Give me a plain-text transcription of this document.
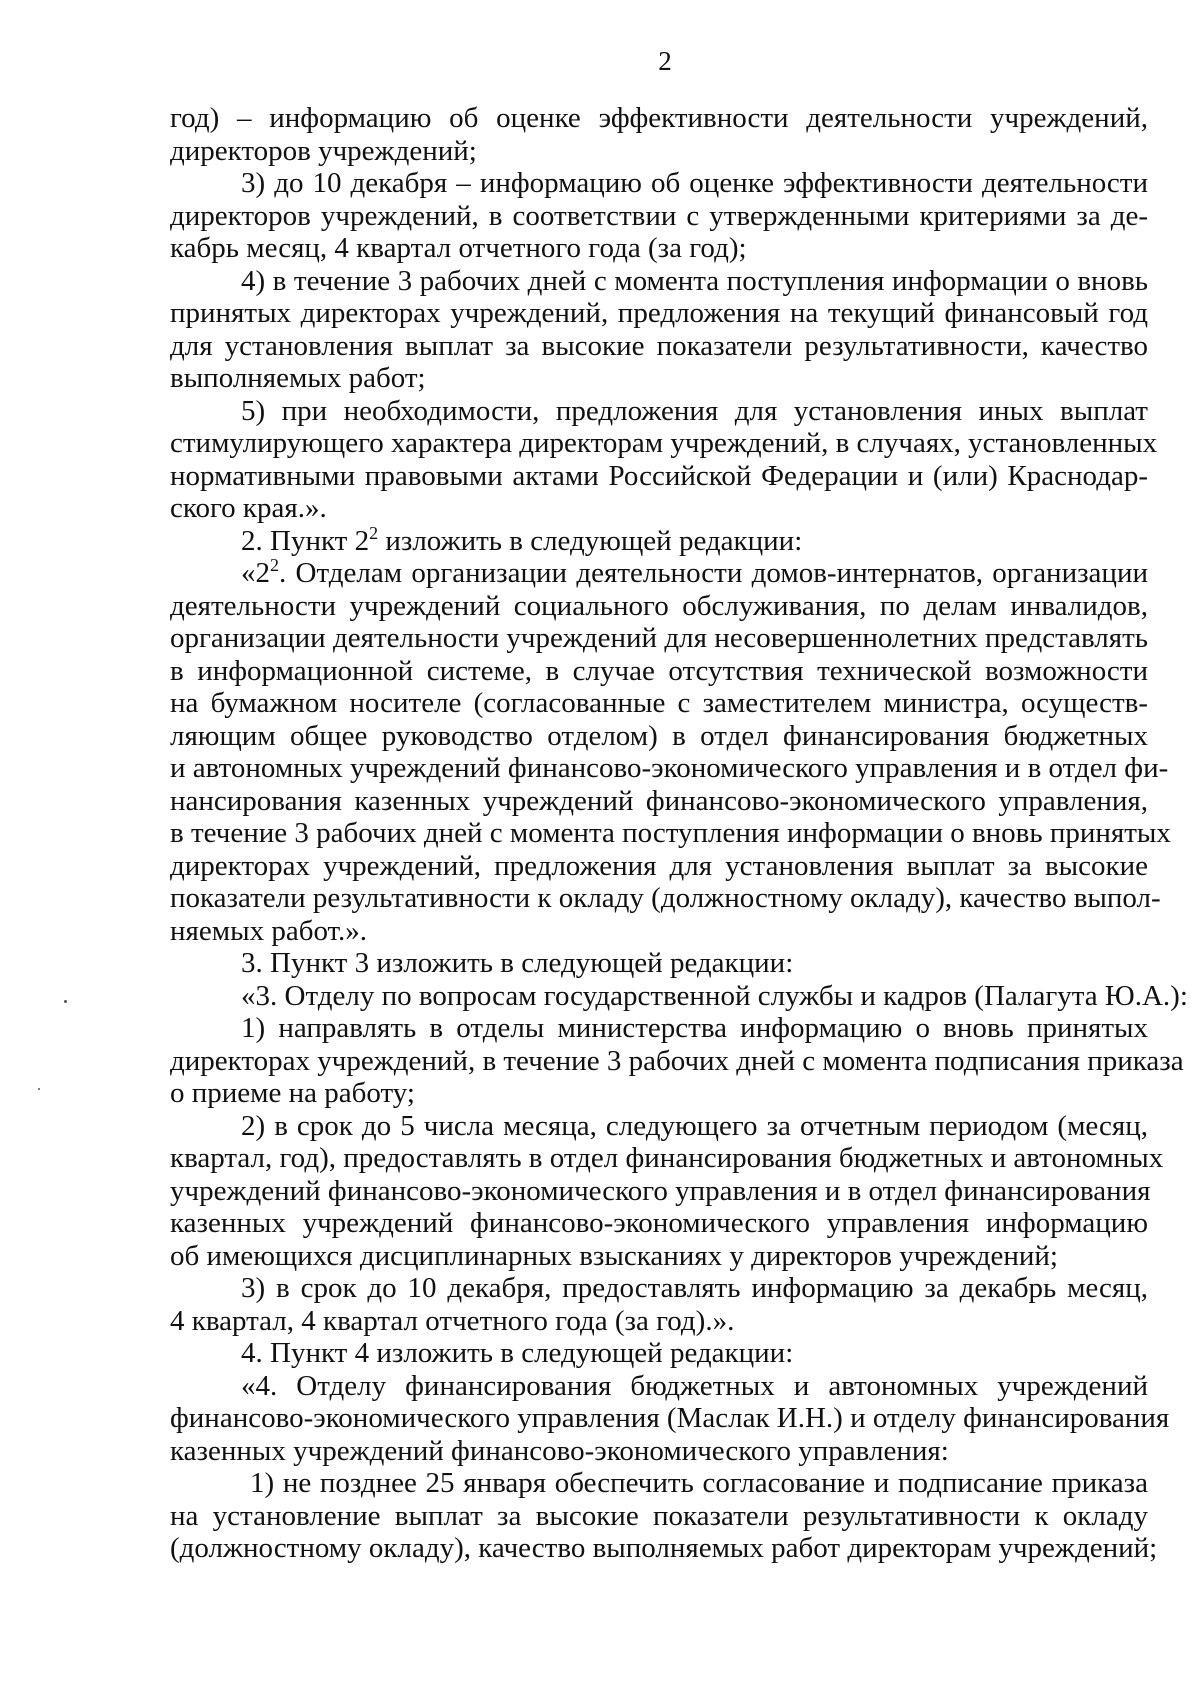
2

год) – информацию об оценке эффективности деятельности учреждений,

директоров учреждений;

3) до 10 декабря – информацию об оценке эффективности деятельности

директоров учреждений, в соответствии с утвержденными критериями за де-

кабрь месяц, 4 квартал отчетного года (за год);

4) в течение 3 рабочих дней с момента поступления информации о вновь

принятых директорах учреждений, предложения на текущий финансовый год

для установления выплат за высокие показатели результативности, качество

выполняемых работ;

5) при необходимости, предложения для установления иных выплат

стимулирующего характера директорам учреждений, в случаях, установленных

нормативными правовыми актами Российской Федерации и (или) Краснодар-

ского края.».

2. Пункт $2^2$ изложить в следующей редакции:

«$2^2$. Отделам организации деятельности домов-интернатов, организации

деятельности учреждений социального обслуживания, по делам инвалидов,

организации деятельности учреждений для несовершеннолетних представлять

в информационной системе, в случае отсутствия технической возможности

на бумажном носителе (согласованные с заместителем министра, осуществ-

ляющим общее руководство отделом) в отдел финансирования бюджетных

и автономных учреждений финансово-экономического управления и в отдел фи-

нансирования казенных учреждений финансово-экономического управления,

в течение 3 рабочих дней с момента поступления информации о вновь принятых

директорах учреждений, предложения для установления выплат за высокие

показатели результативности к окладу (должностному окладу), качество выпол-

няемых работ.».

3. Пункт 3 изложить в следующей редакции:

«3. Отделу по вопросам государственной службы и кадров (Палагута Ю.А.):

1) направлять в отделы министерства информацию о вновь принятых

директорах учреждений, в течение 3 рабочих дней с момента подписания приказа

о приеме на работу;

2) в срок до 5 числа месяца, следующего за отчетным периодом (месяц,

квартал, год), предоставлять в отдел финансирования бюджетных и автономных

учреждений финансово-экономического управления и в отдел финансирования

казенных учреждений финансово-экономического управления информацию

об имеющихся дисциплинарных взысканиях у директоров учреждений;

3) в срок до 10 декабря, предоставлять информацию за декабрь месяц,

4 квартал, 4 квартал отчетного года (за год).».

4. Пункт 4 изложить в следующей редакции:

«4. Отделу финансирования бюджетных и автономных учреждений

финансово-экономического управления (Маслак И.Н.) и отделу финансирования

казенных учреждений финансово-экономического управления:

1) не позднее 25 января обеспечить согласование и подписание приказа

на установление выплат за высокие показатели результативности к окладу

(должностному окладу), качество выполняемых работ директорам учреждений;
